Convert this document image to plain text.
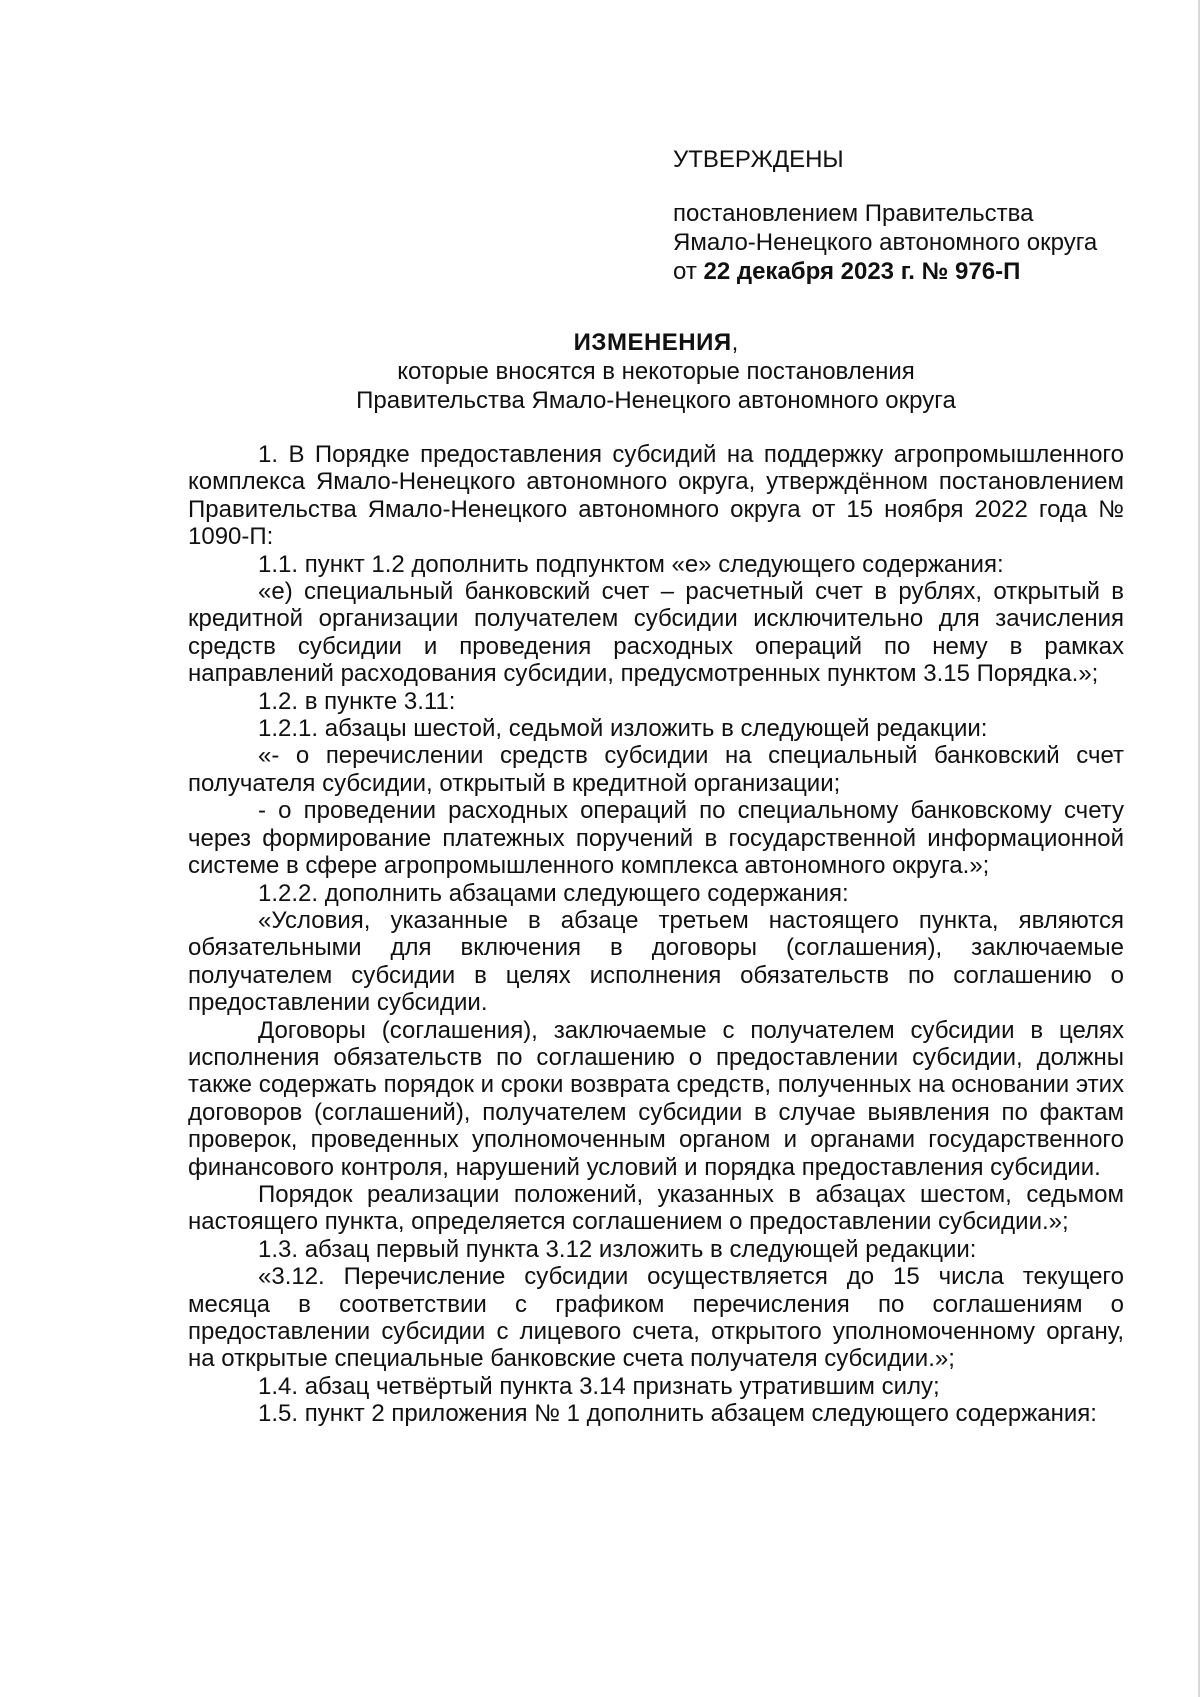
УТВЕРЖДЕНЫ
постановлением Правительства
Ямало-Ненецкого автономного округа
от 22 декабря 2023 г. № 976-П
ИЗМЕНЕНИЯ,
которые вносятся в некоторые постановления
Правительства Ямало-Ненецкого автономного округа

1. В Порядке предоставления субсидий на поддержку агропромышленного комплекса Ямало-Ненецкого автономного округа, утверждённом постановлением Правительства Ямало-Ненецкого автономного округа от 15 ноября 2022 года № 1090-П:

1.1. пункт 1.2 дополнить подпунктом «е» следующего содержания:

«е) специальный банковский счет – расчетный счет в рублях, открытый в кредитной организации получателем субсидии исключительно для зачисления средств субсидии и проведения расходных операций по нему в рамках направлений расходования субсидии, предусмотренных пунктом 3.15 Порядка.»;

1.2. в пункте 3.11:

1.2.1. абзацы шестой, седьмой изложить в следующей редакции:

«- о перечислении средств субсидии на специальный банковский счет получателя субсидии, открытый в кредитной организации;

- о проведении расходных операций по специальному банковскому счету через формирование платежных поручений в государственной информационной системе в сфере агропромышленного комплекса автономного округа.»;

1.2.2. дополнить абзацами следующего содержания:

«Условия, указанные в абзаце третьем настоящего пункта, являются обязательными для включения в договоры (соглашения), заключаемые получателем субсидии в целях исполнения обязательств по соглашению о предоставлении субсидии.

Договоры (соглашения), заключаемые с получателем субсидии в целях исполнения обязательств по соглашению о предоставлении субсидии, должны также содержать порядок и сроки возврата средств, полученных на основании этих договоров (соглашений), получателем субсидии в случае выявления по фактам проверок, проведенных уполномоченным органом и органами государственного финансового контроля, нарушений условий и порядка предоставления субсидии.

Порядок реализации положений, указанных в абзацах шестом, седьмом настоящего пункта, определяется соглашением о предоставлении субсидии.»;

1.3. абзац первый пункта 3.12 изложить в следующей редакции:

«3.12. Перечисление субсидии осуществляется до 15 числа текущего месяца в соответствии с графиком перечисления по соглашениям о предоставлении субсидии с лицевого счета, открытого уполномоченному органу, на открытые специальные банковские счета получателя субсидии.»;

1.4. абзац четвёртый пункта 3.14 признать утратившим силу;

1.5. пункт 2 приложения № 1 дополнить абзацем следующего содержания:
